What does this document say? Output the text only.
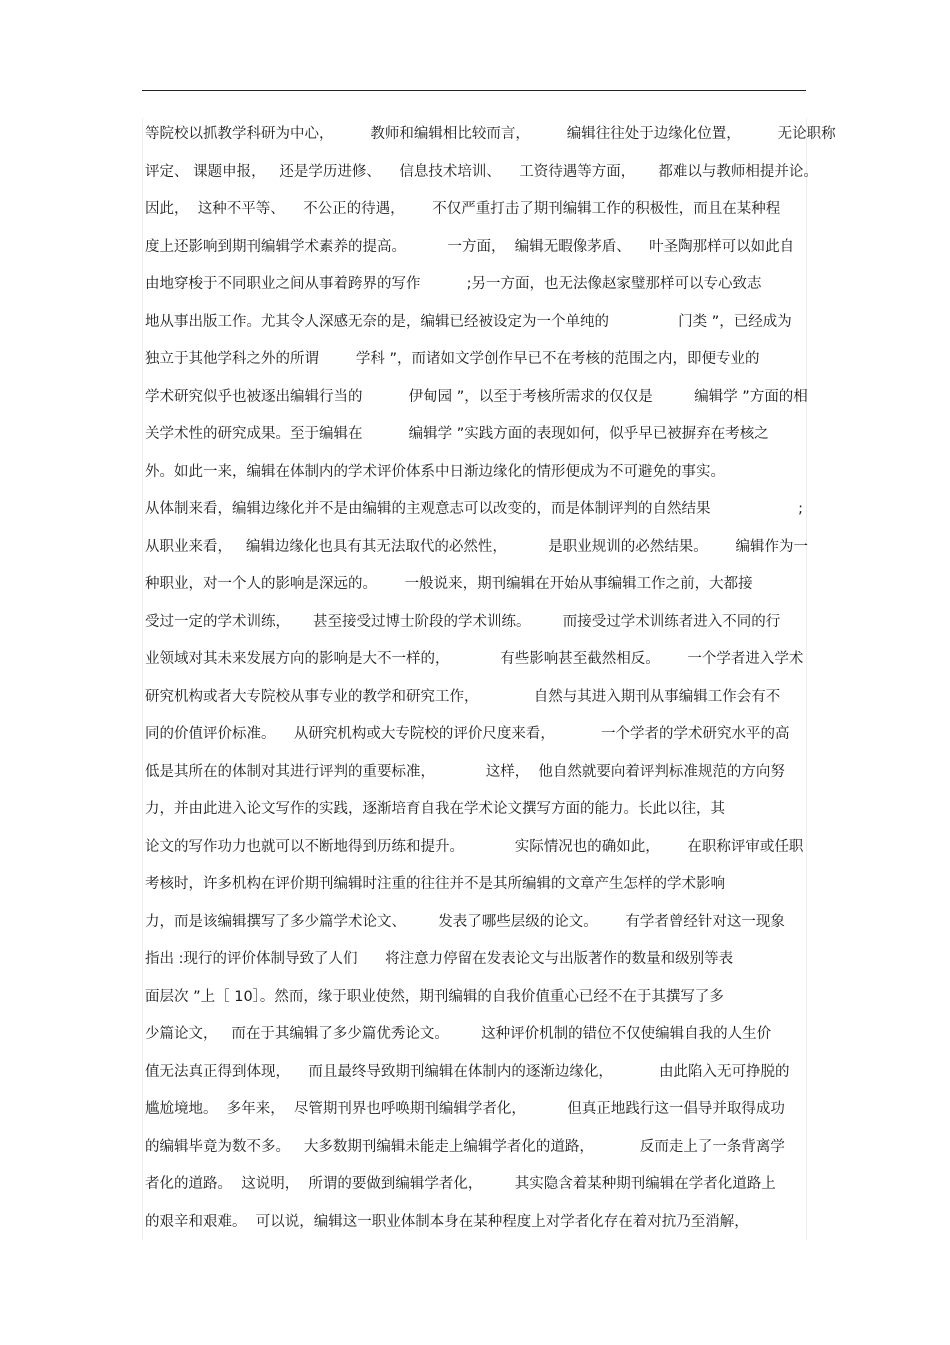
等院校以抓教学科研为中心，        教师和编辑相比较而言，        编辑往往处于边缘化位置，        无论职称
评定、 课题申报，   还是学历进修、    信息技术培训、    工资待遇等方面，     都难以与教师相提并论。
因此，  这种不平等、    不公正的待遇，      不仅严重打击了期刊编辑工作的积极性，而且在某种程
度上还影响到期刊编辑学术素养的提高。         一方面，  编辑无暇像茅盾、    叶圣陶那样可以如此自
由地穿梭于不同职业之间从事着跨界的写作          ;另一方面，也无法像赵家璧那样可以专心致志
地从事出版工作。尤其令人深感无奈的是，编辑已经被设定为一个单纯的               门类 ”，已经成为
独立于其他学科之外的所谓        学科 ”，而诸如文学创作早已不在考核的范围之内，即便专业的
学术研究似乎也被逐出编辑行当的          伊甸园 ”，以至于考核所需求的仅仅是         编辑学 ”方面的相
关学术性的研究成果。至于编辑在          编辑学 ”实践方面的表现如何，似乎早已被摒弃在考核之
外。如此一来，编辑在体制内的学术评价体系中日渐边缘化的情形便成为不可避免的事实。
从体制来看，编辑边缘化并不是由编辑的主观意志可以改变的，而是体制评判的自然结果                   ;
从职业来看，   编辑边缘化也具有其无法取代的必然性，         是职业规训的必然结果。      编辑作为一
种职业，对一个人的影响是深远的。      一般说来，期刊编辑在开始从事编辑工作之前，大都接
受过一定的学术训练，     甚至接受过博士阶段的学术训练。       而接受过学术训练者进入不同的行
业领域对其未来发展方向的影响是大不一样的，           有些影响甚至截然相反。      一个学者进入学术
研究机构或者大专院校从事专业的教学和研究工作，            自然与其进入期刊从事编辑工作会有不
同的价值评价标准。    从研究机构或大专院校的评价尺度来看，          一个学者的学术研究水平的高
低是其所在的体制对其进行评判的重要标准，           这样，  他自然就要向着评判标准规范的方向努
力，并由此进入论文写作的实践，逐渐培育自我在学术论文撰写方面的能力。长此以往，其
论文的写作功力也就可以不断地得到历练和提升。           实际情况也的确如此，      在职称评审或任职
考核时，许多机构在评价期刊编辑时注重的往往并不是其所编辑的文章产生怎样的学术影响
力，而是该编辑撰写了多少篇学术论文、       发表了哪些层级的论文。      有学者曾经针对这一现象
指出 :现行的评价体制导致了人们      将注意力停留在发表论文与出版著作的数量和级别等表
面层次 ”上［ 10］。然而，缘于职业使然，期刊编辑的自我价值重心已经不在于其撰写了多
少篇论文，   而在于其编辑了多少篇优秀论文。       这种评价机制的错位不仅使编辑自我的人生价
值无法真正得到体现，    而且最终导致期刊编辑在体制内的逐渐边缘化，          由此陷入无可挣脱的
尴尬境地。  多年来，  尽管期刊界也呼唤期刊编辑学者化，         但真正地践行这一倡导并取得成功
的编辑毕竟为数不多。   大多数期刊编辑未能走上编辑学者化的道路，          反而走上了一条背离学
者化的道路。  这说明，  所谓的要做到编辑学者化，       其实隐含着某种期刊编辑在学者化道路上
的艰辛和艰难。  可以说，编辑这一职业体制本身在某种程度上对学者化存在着对抗乃至消解，
